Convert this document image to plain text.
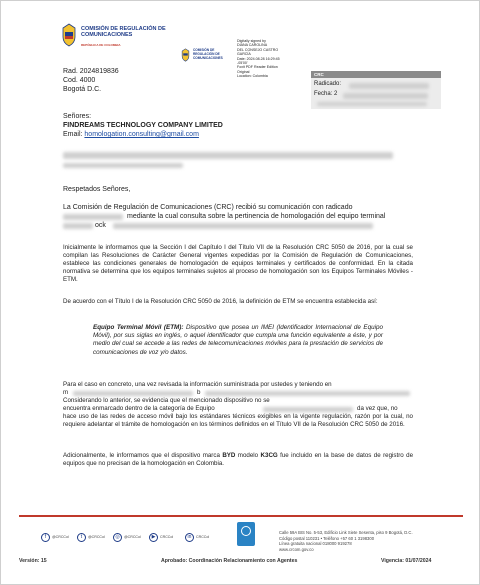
COMISIÓN DE REGULACIÓN DE COMUNICACIONES
REPÚBLICA DE COLOMBIA
COMISIÓN DE REGULACIÓN DE COMUNICACIONES
Digitally signed by
DIANA CAROLINA
DEL CONSEJO CASTRO
GARCÍA
Date: 2024.08.28 16:29:45
-05'00'
Foxit PDF Reader Edition
Original
Location: Colombia	CRC
Radicado:
Fecha: 2
Rad. 2024819836
Cod. 4000
Bogotá D.C.
Señores:
FINDREAMS TECHNOLOGY COMPANY LIMITED
Email: homologation.consulting@gmail.com
Respetados Señores,
La Comisión de Regulación de Comunicaciones (CRC) recibió su comunicación con radicado
mediante la cual consulta sobre la pertinencia de homologación del equipo terminal
ock
Inicialmente le informamos que la Sección I del Capítulo I del Título VII de la Resolución CRC 5050 de 2016, por la cual se compilan las Resoluciones de Carácter General vigentes expedidas por la Comisión de Regulación de Comunicaciones, establece las condiciones generales de homologación de equipos terminales y certificados de conformidad. En la citada normativa se determina que los equipos terminales sujetos al proceso de homologación son los Equipos Terminales Móviles - ETM.
De acuerdo con el Título I de la Resolución CRC 5050 de 2016, la definición de ETM se encuentra establecida así:
Equipo Terminal Móvil (ETM): Dispositivo que posea un IMEI (Identificador Internacional de Equipo Móvil), por sus siglas en inglés, o aquel identificador que cumpla una función equivalente a éste, y por medio del cual se accede a las redes de telecomunicaciones móviles para la prestación de servicios de comunicaciones de voz y/o datos.
Para el caso en concreto, una vez revisada la información suministrada por ustedes y teniendo en
m	b
Considerando lo anterior, se evidencia que el mencionado dispositivo no se
encuentra enmarcado dentro de la categoría de Equipo	da vez que, no
hace uso de las redes de acceso móvil bajo los estándares técnicos exigibles en la vigente regulación, razón por la cual, no requiere adelantar el trámite de homologación en los términos definidos en el Título VII de la Resolución CRC 5050 de 2016.
Adicionalmente, le informamos que el dispositivo marca BYD modelo K3CG fue incluido en la base de datos de registro de equipos que no precisan de la homologación en Colombia.
f	@CRCCol	t	@CRCCol	◎	@CRCCol	▶	CRCCol	in	CRCCol
Calle 59A BIS No. 5-53, Edificio Link Siete Sesenta, piso 9 Bogotá, D.C.
Código postal 110231 • Teléfono +57 60 1 3198300
Línea gratuita nacional 018000 919278
www.crcom.gov.co
Versión: 15	Aprobado: Coordinación Relacionamiento con Agentes	Vigencia: 01/07/2024
